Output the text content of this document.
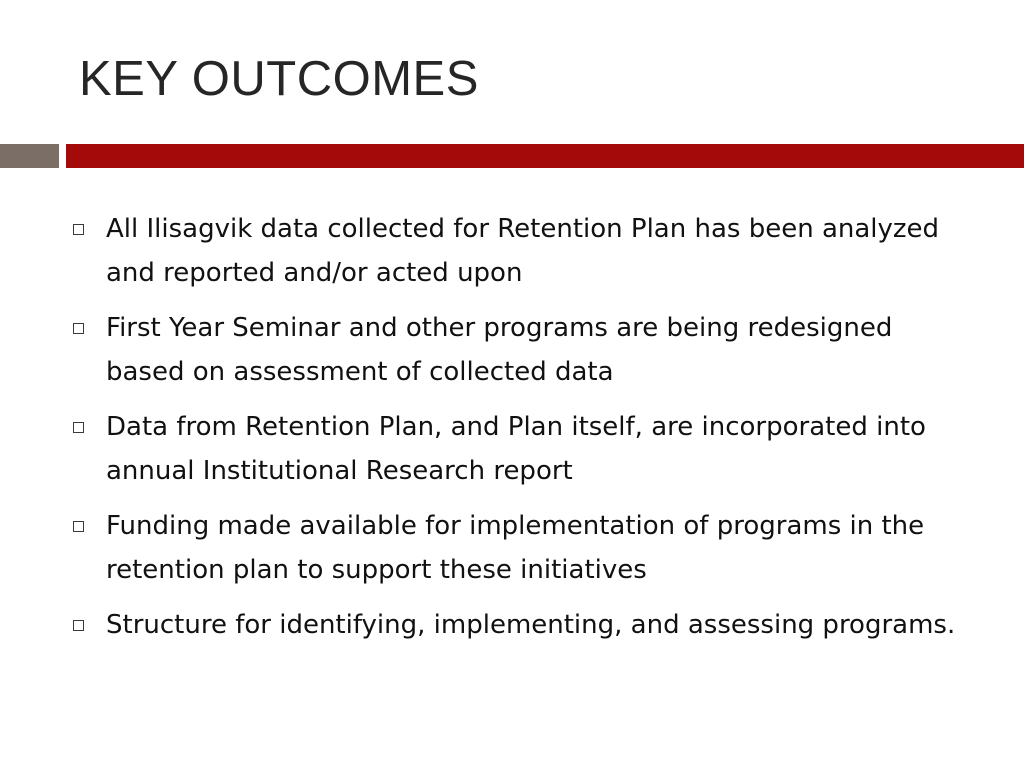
KEY OUTCOMES
All Ilisagvik data collected for Retention Plan has been analyzed and reported and/or acted upon
First Year Seminar and other programs are being redesigned based on assessment of collected data
Data from Retention Plan, and Plan itself, are incorporated into annual Institutional Research report
Funding made available for implementation of programs in the retention plan to support these initiatives
Structure for identifying, implementing, and assessing programs.
